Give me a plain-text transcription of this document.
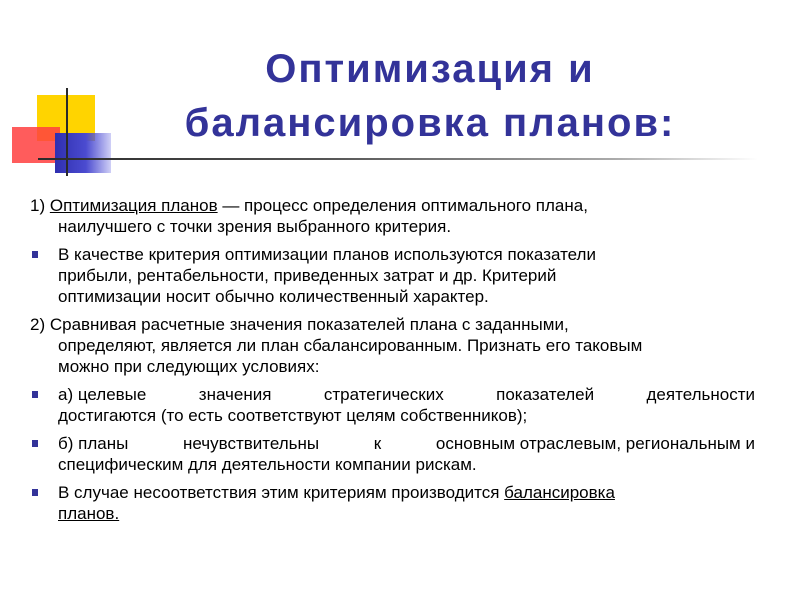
Оптимизация и
балансировка планов:
1) Оптимизация планов — процесс определения оптимального плана,
наилучшего с точки зрения выбранного критерия.
В качестве критерия оптимизации планов используются показатели
прибыли, рентабельности, приведенных затрат и др. Критерий
оптимизации носит обычно количественный характер.
2) Сравнивая расчетные значения показателей плана с заданными,
определяют, является ли план сбалансированным. Признать его таковым
можно при следующих условиях:
а) целевые	значения	стратегических	показателей	деятельности
достигаются (то есть соответствуют целям собственников);
б) планы	нечувствительны	к	основным отраслевым, региональным и
специфическим для деятельности компании рискам.
В случае несоответствия этим критериям производится балансировка
планов.
